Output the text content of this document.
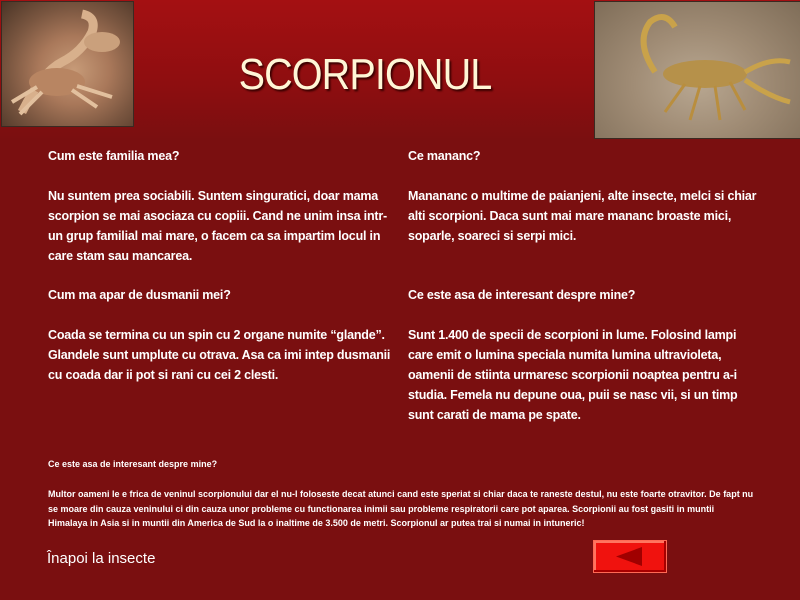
SCORPIONUL
Cum este familia mea?
Nu suntem prea sociabili. Suntem singuratici, doar mama scorpion se mai asociaza cu copiii. Cand ne unim insa intr-un grup familial mai mare, o facem ca sa impartim locul in care stam sau mancarea.
Ce mananc?
Manananc o multime de paianjeni, alte insecte, melci si chiar alti scorpioni. Daca sunt mai mare mananc broaste mici, soparle, soareci si serpi mici.
Cum ma apar de dusmanii mei?
Coada se termina cu un spin cu 2 organe numite “glande”. Glandele sunt umplute cu otrava. Asa ca imi intep dusmanii cu coada dar ii pot si rani cu cei 2 clesti.
Ce este asa de interesant despre mine?
Sunt 1.400 de specii de scorpioni in lume. Folosind lampi care emit o lumina speciala numita lumina ultravioleta, oamenii de stiinta urmaresc scorpionii noaptea pentru a-i studia. Femela nu depune oua, puii se nasc vii, si un timp sunt carati de mama pe spate.
Ce este asa de interesant despre mine?
Multor oameni le e frica de veninul scorpionului dar el nu-l foloseste decat atunci cand este speriat si chiar daca te raneste destul, nu este foarte otravitor. De fapt nu se moare din cauza veninului ci din cauza unor probleme cu functionarea inimii sau probleme respiratorii care pot aparea. Scorpionii au fost gasiti in muntii Himalaya in Asia si in muntii din America de Sud la o inaltime de 3.500 de metri. Scorpionul ar putea trai si numai in intuneric!
Înapoi la insecte
